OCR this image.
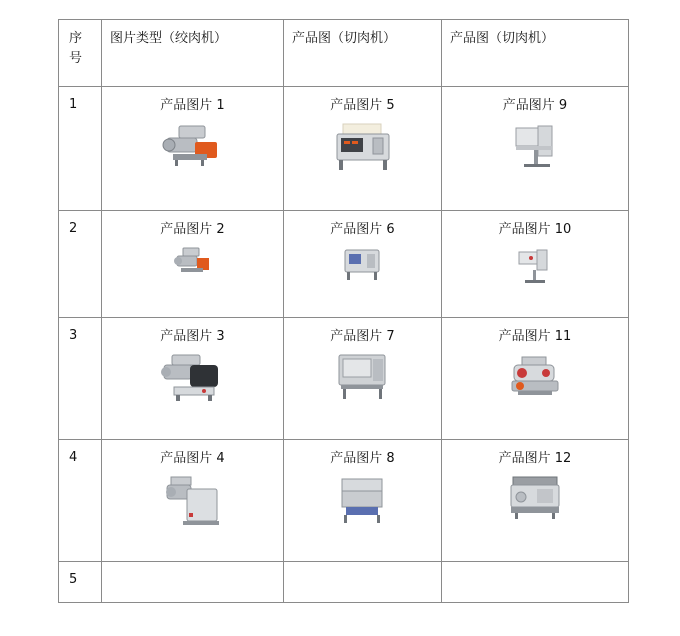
序号	图片类型（绞肉机）	产品图（切肉机）	产品图（切肉机）

1	产品图片 1	产品图片 5	产品图片 9

2	产品图片 2	产品图片 6	产品图片 10

3	产品图片 3	产品图片 7	产品图片 11

4	产品图片 4	产品图片 8	产品图片 12

5			
